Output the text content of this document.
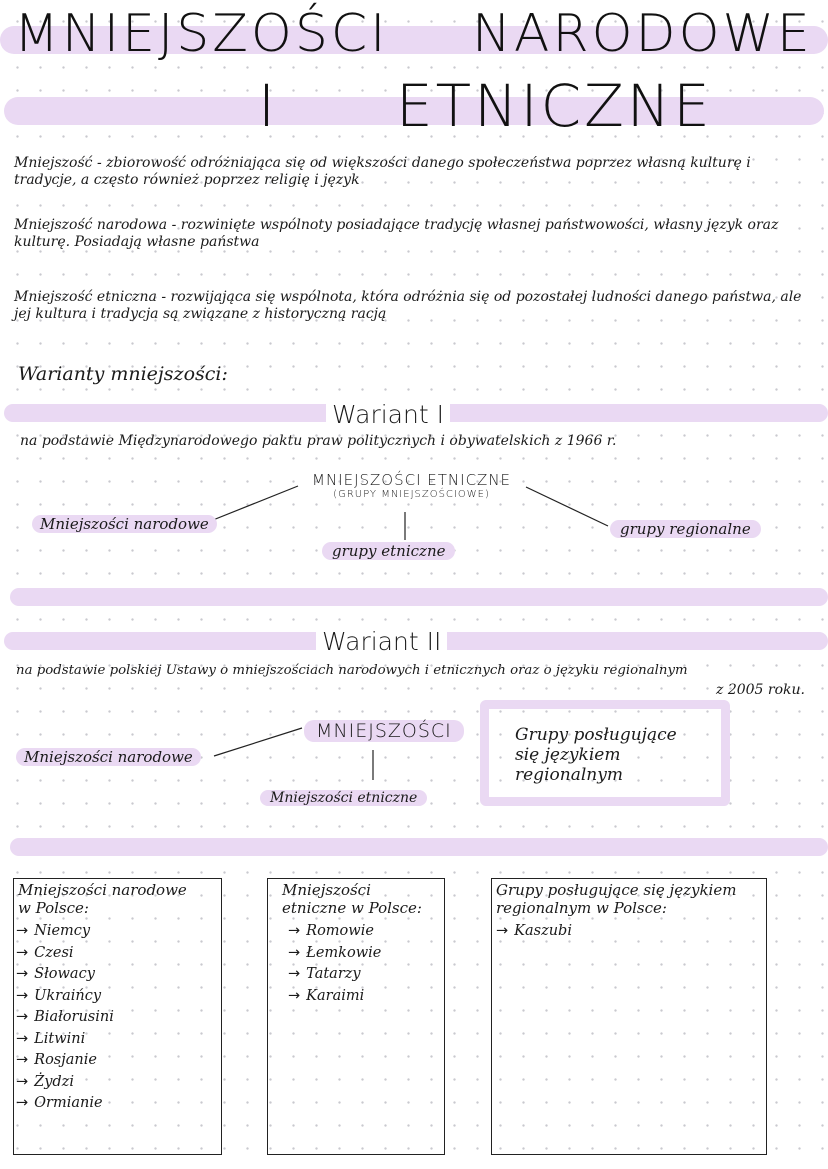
MNIEJSZOŚCI NARODOWE
I ETNICZNE
Mniejszość - zbiorowość odróżniająca się od większości danego społeczeństwa poprzez własną kulturę i tradycje, a często również poprzez religię i język
Mniejszość narodowa - rozwinięte wspólnoty posiadające tradycję własnej państwowości, własny język oraz kulturę. Posiadają własne państwa
Mniejszość etniczna - rozwijająca się wspólnota, która odróżnia się od pozostałej ludności danego państwa, ale jej kultura i tradycja są związane z historyczną racją
Warianty mniejszości:
Wariant I
na podstawie Międzynarodowego paktu praw politycznych i obywatelskich z 1966 r.
MNIEJSZOŚCI ETNICZNE
(GRUPY MNIEJSZOŚCIOWE)
Mniejszości narodowe
grupy etniczne
grupy regionalne
Wariant II
na podstawie polskiej Ustawy o mniejszościach narodowych i etnicznych oraz o języku regionalnym
z 2005 roku.
MNIEJSZOŚCI
Mniejszości narodowe
Mniejszości etniczne
Grupy posługujące się językiem regionalnym
Mniejszości narodowe w Polsce:
→ Niemcy
→ Czesi
→ Słowacy
→ Ukraińcy
→ Białorusini
→ Litwini
→ Rosjanie
→ Żydzi
→ Ormianie
Mniejszości etniczne w Polsce:
→ Romowie
→ Łemkowie
→ Tatarzy
→ Karaimi
Grupy posługujące się językiem regionalnym w Polsce:
→ Kaszubi
